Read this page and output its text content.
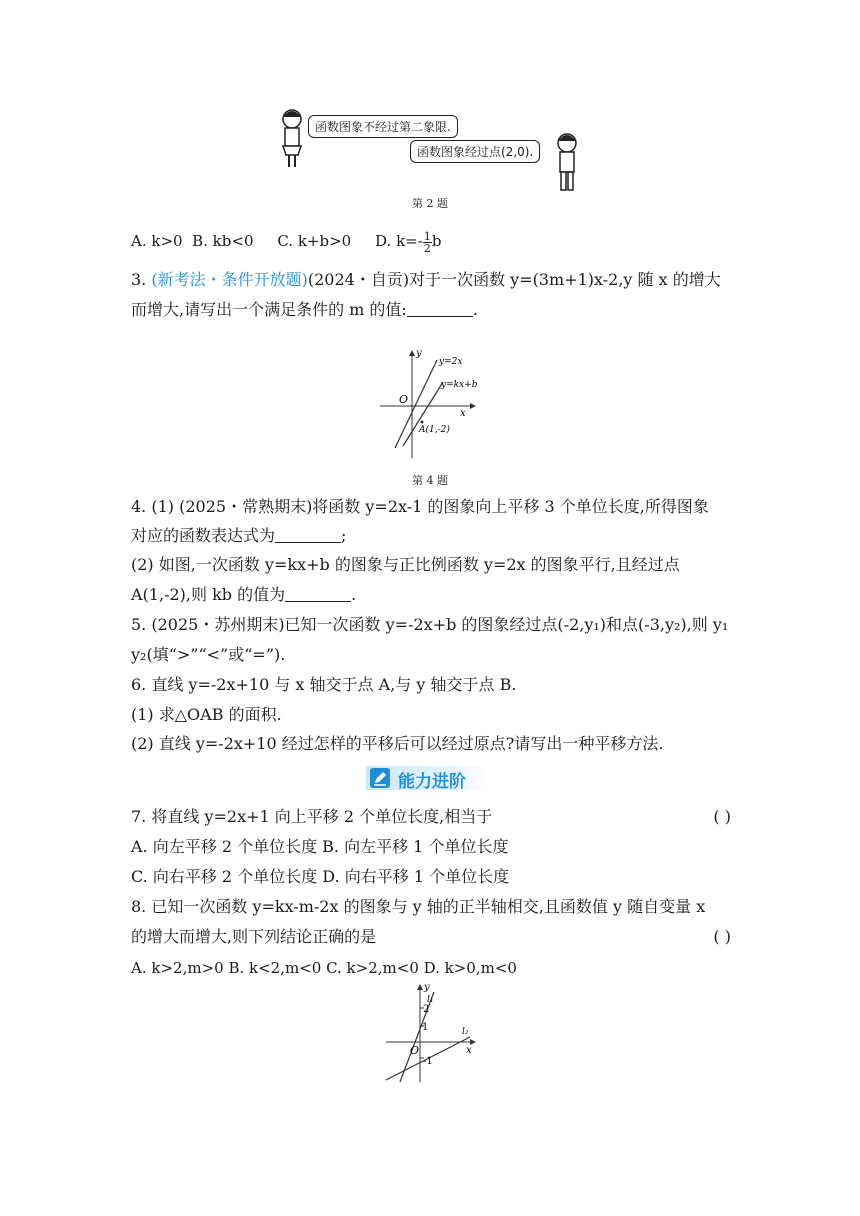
函数图象不经过第二象限.
函数图象经过点(2,0).
第 2 题
A. k>0 B. kb<0 C. k+b>0 D. $k=- \frac{1}{2}$ b
3. (新考法・条件开放题)(2024・自贡)对于一次函数 y=(3m+1)x-2,y 随 x 的增大
而增大,请写出一个满足条件的 m 的值:	.
y
x
O
y=2x
y=kx+b
A(1,-2)
第 4 题
4. (1) (2025・常熟期末)将函数 y=2x-1 的图象向上平移 3 个单位长度,所得图象
对应的函数表达式为	;
(2) 如图,一次函数 y=kx+b 的图象与正比例函数 y=2x 的图象平行,且经过点
A(1,-2),则 kb 的值为	.
5. (2025・苏州期末)已知一次函数 y=-2x+b 的图象经过点(-2,y₁)和点(-3,y₂),则 y₁
y₂(填“>”“<”或“=”).
6. 直线 y=-2x+10 与 x 轴交于点 A,与 y 轴交于点 B.
(1) 求△OAB 的面积.
(2) 直线 y=-2x+10 经过怎样的平移后可以经过原点?请写出一种平移方法.
能力进阶
7. 将直线 y=2x+1 向上平移 2 个单位长度,相当于	( )
A. 向左平移 2 个单位长度 B. 向左平移 1 个单位长度
C. 向右平移 2 个单位长度 D. 向右平移 1 个单位长度
8. 已知一次函数 y=kx-m-2x 的图象与 y 轴的正半轴相交,且函数值 y 随自变量 x
的增大而增大,则下列结论正确的是	( )
A. k>2,m>0 B. k<2,m<0 C. k>2,m<0 D. k>0,m<0
y
x
O
l₁
l₂
2
1
-1
